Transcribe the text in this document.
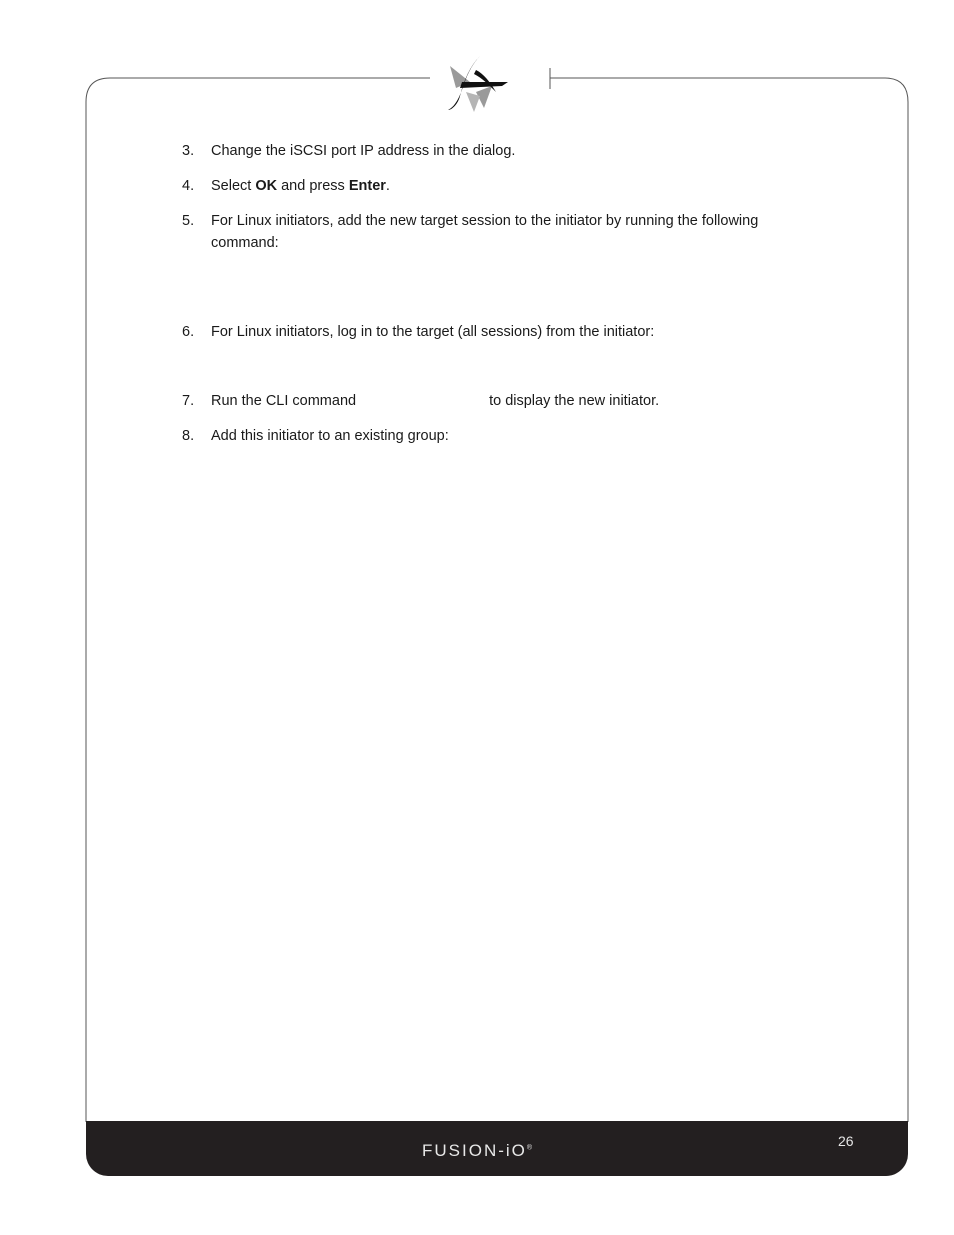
3.	Change the iSCSI port IP address in the dialog.
4.	Select OK and press Enter.
5.	For Linux initiators, add the new target session to the initiator by running the following
command:
6.	For Linux initiators, log in to the target (all sessions) from the initiator:
7.	Run the CLI command	to display the new initiator.
8.	Add this initiator to an existing group:
FUSION-iO®	26
